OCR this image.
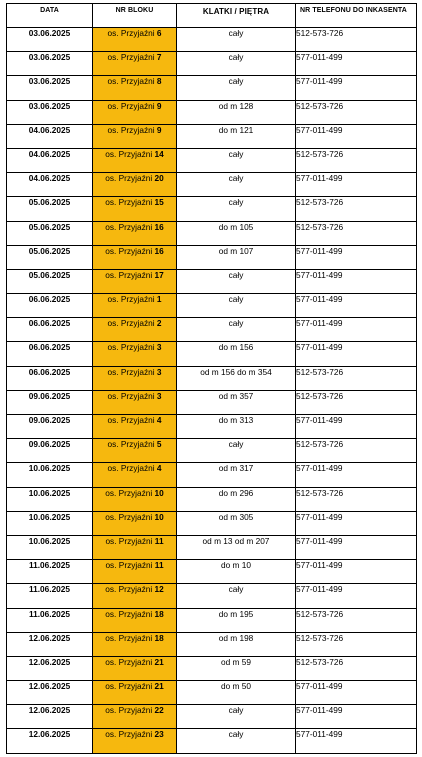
DATA	NR BLOKU	KLATKI / PIĘTRA	NR TELEFONU DO INKASENTA
03.06.2025	os. Przyjaźni 6	cały	512-573-726
03.06.2025	os. Przyjaźni 7	cały	577-011-499
03.06.2025	os. Przyjaźni 8	cały	577-011-499
03.06.2025	os. Przyjaźni 9	od m 128	512-573-726
04.06.2025	os. Przyjaźni 9	do m 121	577-011-499
04.06.2025	os. Przyjaźni 14	cały	512-573-726
04.06.2025	os. Przyjaźni 20	cały	577-011-499
05.06.2025	os. Przyjaźni 15	cały	512-573-726
05.06.2025	os. Przyjaźni 16	do m 105	512-573-726
05.06.2025	os. Przyjaźni 16	od m 107	577-011-499
05.06.2025	os. Przyjaźni 17	cały	577-011-499
06.06.2025	os. Przyjaźni 1	cały	577-011-499
06.06.2025	os. Przyjaźni 2	cały	577-011-499
06.06.2025	os. Przyjaźni 3	do m 156	577-011-499
06.06.2025	os. Przyjaźni 3	od m 156 do m 354	512-573-726
09.06.2025	os. Przyjaźni 3	od m 357	512-573-726
09.06.2025	os. Przyjaźni 4	do m 313	577-011-499
09.06.2025	os. Przyjaźni 5	cały	512-573-726
10.06.2025	os. Przyjaźni 4	od m 317	577-011-499
10.06.2025	os. Przyjaźni 10	do m 296	512-573-726
10.06.2025	os. Przyjaźni 10	od m 305	577-011-499
10.06.2025	os. Przyjaźni 11	od m 13 od m 207	577-011-499
11.06.2025	os. Przyjaźni 11	do m 10	577-011-499
11.06.2025	os. Przyjaźni 12	cały	577-011-499
11.06.2025	os. Przyjaźni 18	do m 195	512-573-726
12.06.2025	os. Przyjaźni 18	od m 198	512-573-726
12.06.2025	os. Przyjaźni 21	od m 59	512-573-726
12.06.2025	os. Przyjaźni 21	do m 50	577-011-499
12.06.2025	os. Przyjaźni 22	cały	577-011-499
12.06.2025	os. Przyjaźni 23	cały	577-011-499
